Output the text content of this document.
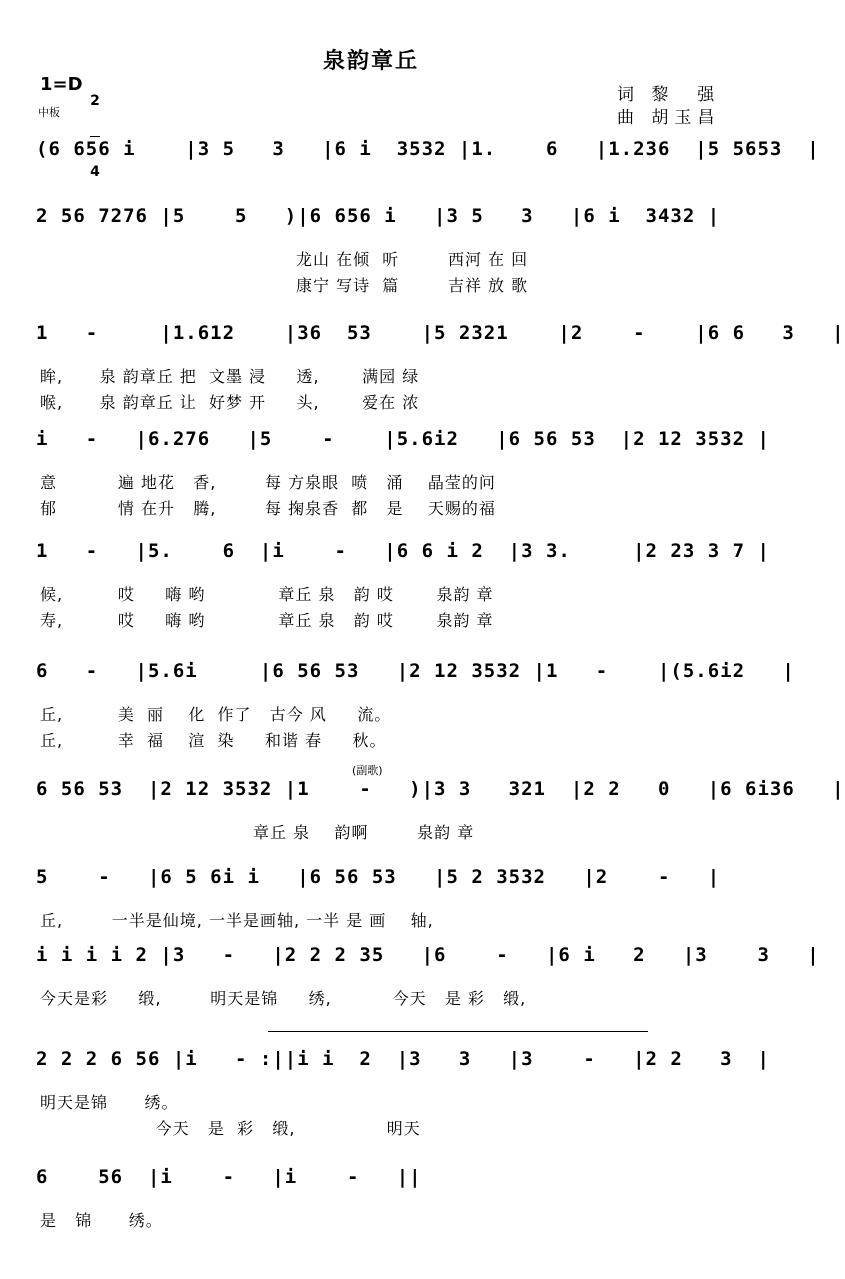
泉韵章丘
1=D

2

4

中板
词 黎  强
曲 胡玉昌
(6 656 i    |3 5   3   |6 i  3532 |1.    6   |1.236  |5 5653  |
2 56 7276 |5    5   )|6 656 i   |3 5   3   |6 i  3432 |
龙山 在倾  听        西河 在 回
康宁 写诗  篇        吉祥 放 歌
1   -     |1.612    |36  53    |5 2321    |2    -    |6 6   3   |
眸,      泉 韵章丘 把  文墨 浸     透,       满园 绿
喉,      泉 韵章丘 让  好梦 开     头,       爱在 浓
i   -   |6.276   |5    -    |5.6i2   |6 56 53  |2 12 3532 |
意          遍 地花   香,        每 方泉眼  喷   涌    晶莹的问
郁          情 在升   腾,        每 掬泉香  都   是    天赐的福
1   -   |5.    6  |i    -   |6 6 i 2  |3 3.     |2 23 3 7 |
候,         哎     嗨 哟            章丘 泉   韵 哎       泉韵 章
寿,         哎     嗨 哟            章丘 泉   韵 哎       泉韵 章
6   -   |5.6i     |6 56 53   |2 12 3532 |1   -    |(5.6i2   |
丘,         美  丽    化  作了   古今 风     流。
丘,         幸  福    渲  染     和谐 春     秋。
6 56 53  |2 12 3532 |1    -   )|3 3   321  |2 2   0   |6 6i36   |
(副歌)
章丘 泉    韵啊        泉韵 章
5    -   |6 5 6i i   |6 56 53   |5 2 3532   |2    -   |
丘,        一半是仙境, 一半是画轴, 一半 是 画    轴,
i i i i 2 |3   -   |2 2 2 35   |6    -   |6 i   2   |3    3   |
今天是彩     缎,        明天是锦     绣,          今天   是 彩   缎,
2 2 2 6 56 |i   - :||i i  2  |3   3   |3    -   |2 2   3  |
明天是锦      绣。
今天   是  彩   缎,               明天
6    56  |i    -   |i    -   ||
是   锦      绣。
